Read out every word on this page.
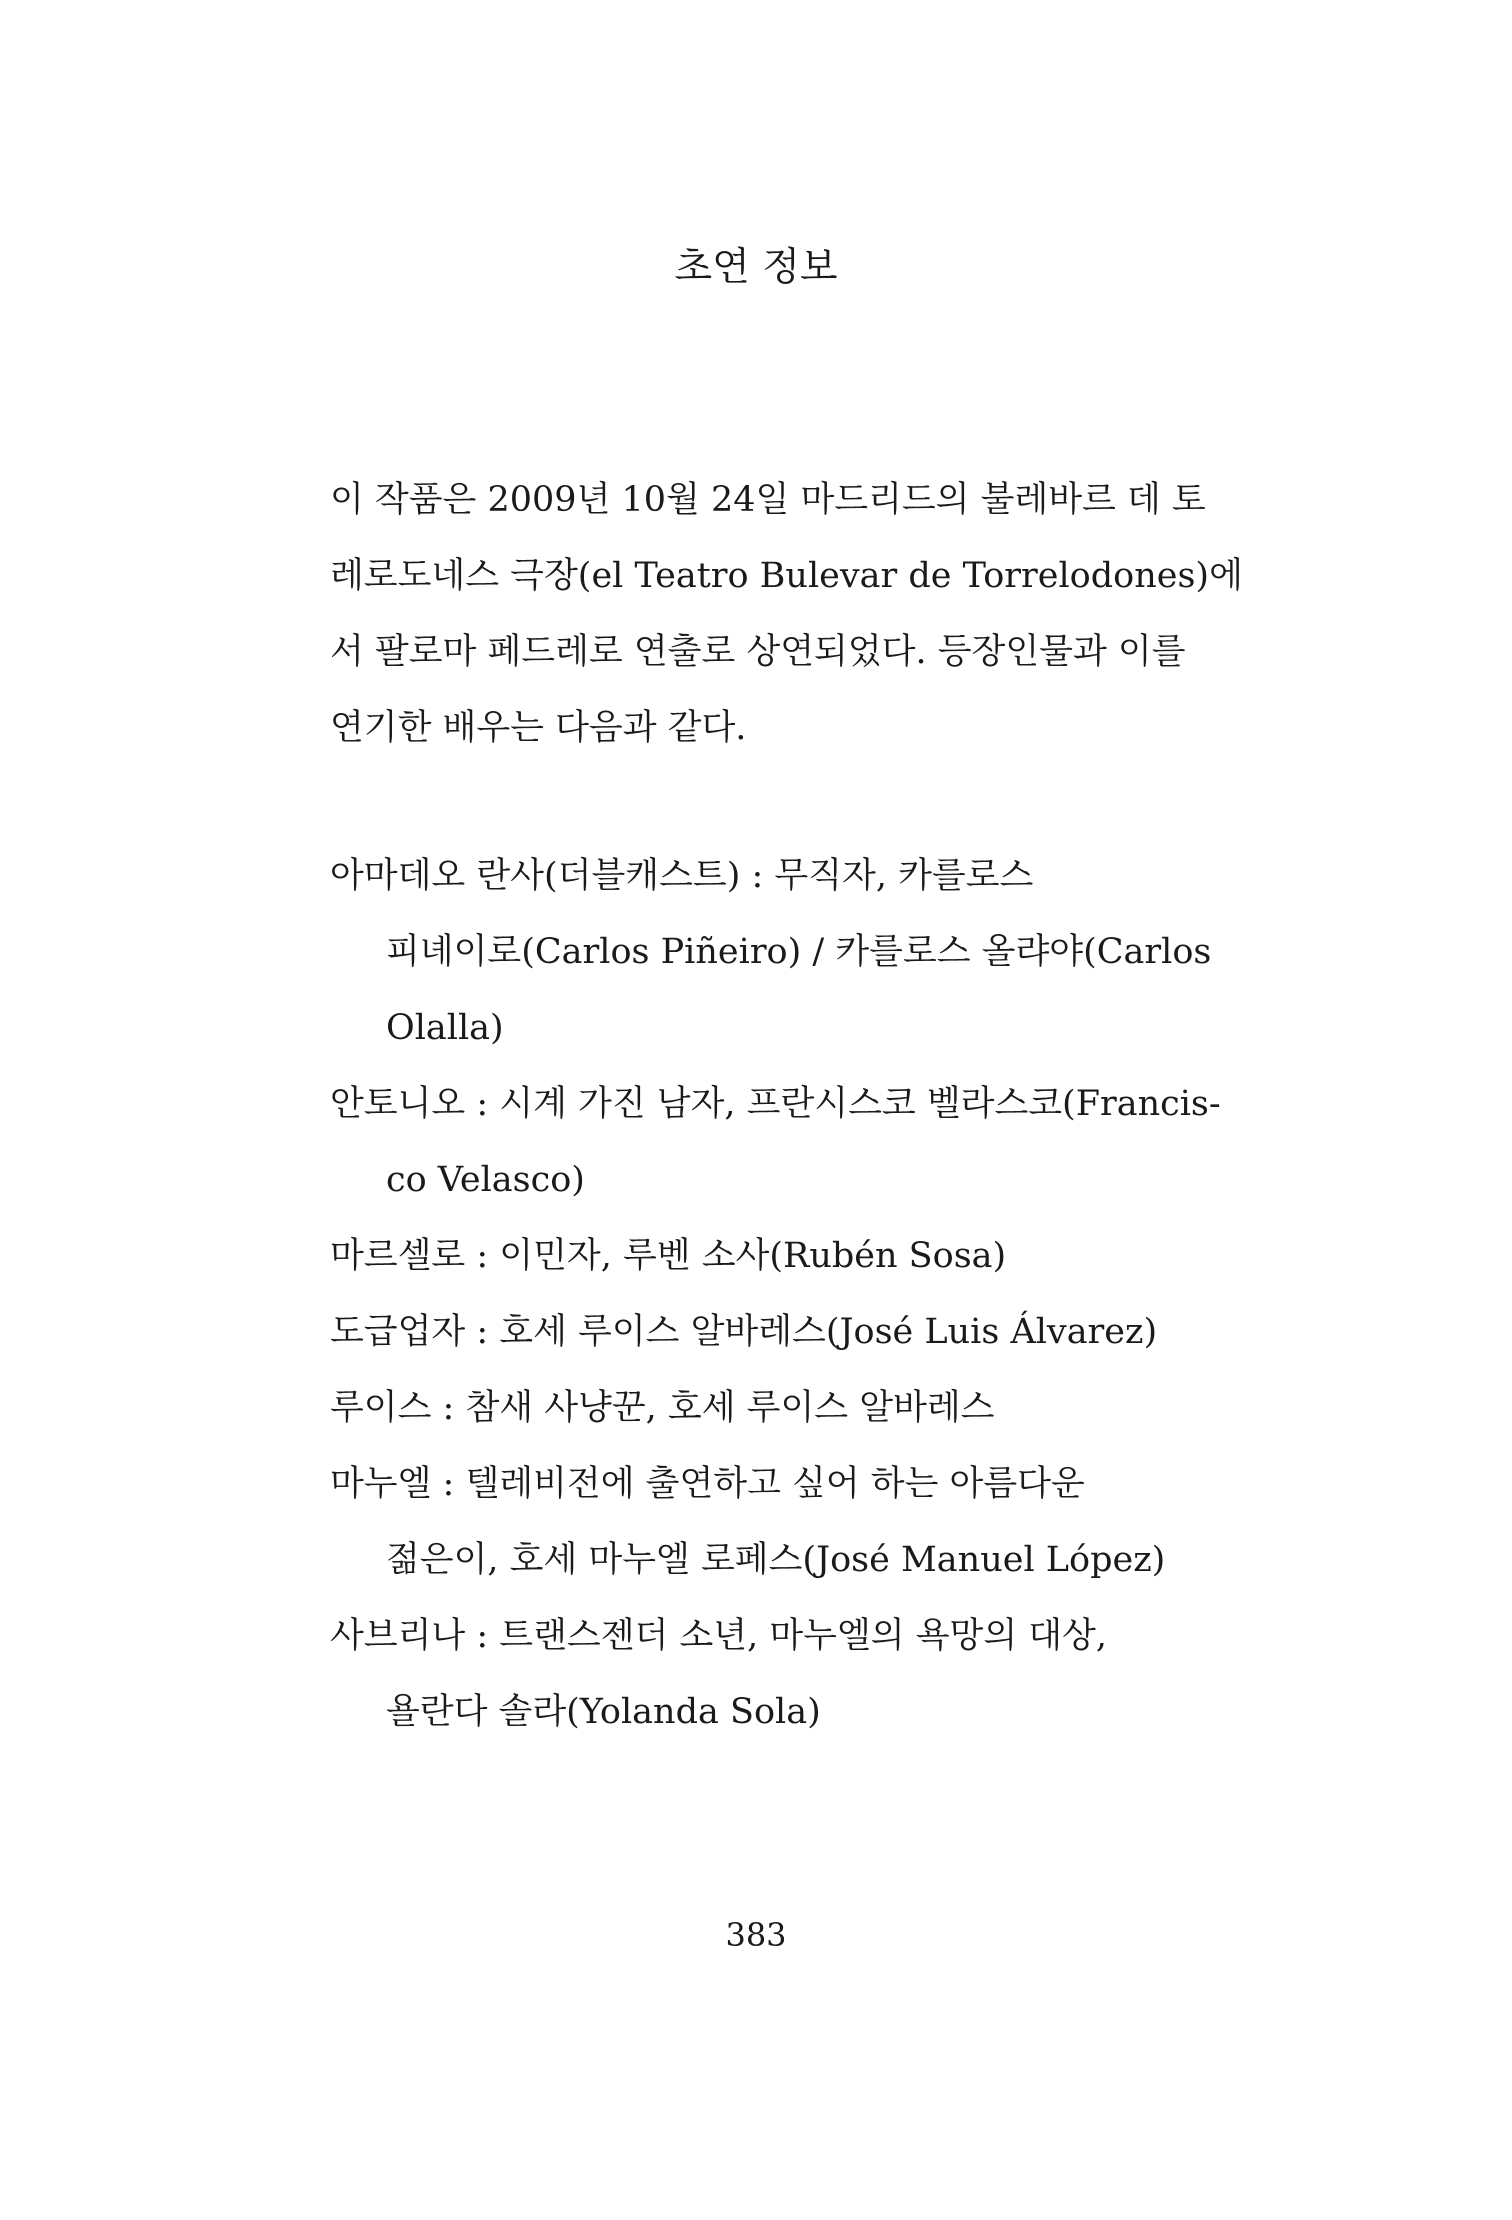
초연 정보

이 작품은 2009년 10월 24일 마드리드의 불레바르 데 토
레로도네스 극장(el Teatro Bulevar de Torrelodones)에
서 팔로마 페드레로 연출로 상연되었다. 등장인물과 이를
연기한 배우는 다음과 같다.

아마데오 란사(더블캐스트) : 무직자, 카를로스
피녜이로(Carlos Piñeiro) / 카를로스 올랴야(Carlos
Olalla)
안토니오 : 시계 가진 남자, 프란시스코 벨라스코(Francis-
co Velasco)
마르셀로 : 이민자, 루벤 소사(Rubén Sosa)
도급업자 : 호세 루이스 알바레스(José Luis Álvarez)
루이스 : 참새 사냥꾼, 호세 루이스 알바레스
마누엘 : 텔레비전에 출연하고 싶어 하는 아름다운
젊은이, 호세 마누엘 로페스(José Manuel López)
사브리나 : 트랜스젠더 소년, 마누엘의 욕망의 대상,
욜란다 솔라(Yolanda Sola)

383
